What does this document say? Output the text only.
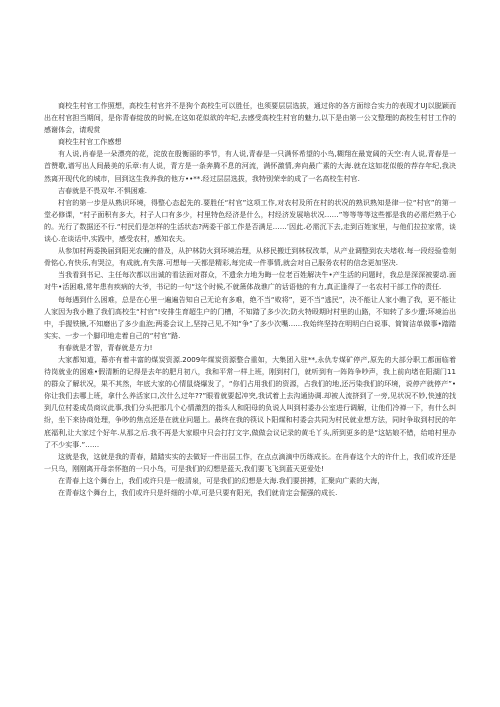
商校生村官工作照想，高校生村官并不是狗个高校生可以胜任，也须要层层选拔，通过你的各方面综合实力的表现才UJ以脱颖而出在村官担当期间，是你青春绽放的时候,在这如花似欲的年纪,去感受高校生村官的魅力,以下是由第一公文整理的高校生村甘工作的感谢体会，请观赏

商校生村官工作感想

有人说,肖春是一朵漂亮的花，淀放在殷衡丽的季节，有人说,青春是一只满怀希望的小鸟,糊翔在最宽阔的天空:有人说,青春是一首赞歌,谱写出人间最美的乐章:有人说，青方是一条奔腾不息的河流，满怀激情,奔向最广素的大海.就在这如花似般的荐存年纪,我决然离开现代化的城市，回到这生我养我的他方••**.经过层层选拔，我特别荣幸的成了一名高校生村官.

吉春就是不畏双年.不惧困难.

村官的第一步是从熟识环境，得整心态起先的.要胜任“村官”这项工作,对农村及所在村的状况的熟识熟知是律一位“村官”的第一堂必修课，“村子面积有多大，村子人口有多少，村里特色经济是什么，村经济发展啥状况……”等等等等这些都是我的必需烂熟于心的。光行了数据还不行.“村民们是怎样的生活状态?两委干部工作是否满足……’因此.必需沉下去,走到百姓家里，与他们拉拉家常，谈谈心.在谈话中,实践中，感受农村，感知农夫。

从参加村两委换届到阳光农廉的普及，从护林防火到环境治理，从移民搬迁到林权改革，从产业调整到农夫堵收.每一段经验卷刻骨铭心,有快乐,有哭泣，有成就,有失落.可想每一天都是精彩,每完成一件事情,就会对自己服务农村的信念更加坚决.

当我看到书记、主任每次都以出诚的看法面对群众，不遗余力地为晦一位老百姓解决牛•产生活的问题时，我总是深深被要动.面对牛•活困难,常年患有疾病的大爷，书记的一句“这个时候,不就箫体战谯广的话语他的有力,真正逢得了一名农村干部工作的责任.

每每遇到什么困难，总是在心里一遍遍告知自己无论有多难，绝不当“败将”，更不当“逃民”，决不能让人家小瞧了我，更不能让人家因为我小瞧了我们高校生“村官”!安排生育超生户的门槽，不知踏了多少次;防火特殴期时村里的山路，不知转了多少遭;环境治出中，手握铁锹,不知磨出了多少血泡;两委会议上,坚持己见,不知“争”了多少次嘴……我始终坚持在明明白白说事、简简洁单做事•踏踏实实、一步一个脚印地走着自己的“村官”路.

有春就是才智，青春就是方力!

大家都知道，幕亦有着丰富的煤炭资源.2009年煤炭资源整合重如，大集团入驻**,永仇专煤矿停产,原先的大部分职工都面临着待岗就业的困难•假清断的记得是去年的肥月初八，我和平常一样上班，刚到村门，就听到有一阵阵争吵声，我上前向堵在阳湖门11的群众了解状况，果不其然，年底大家的心情鼠烧爆发了，“你们占用我们的资源，占我们的地,还污染我们的环境，说停产就停产”•你让我们去哪上班，拿什么养活家口,次什么过年??”眼看就要起冲突,我试着上去沟通协调.却被人流挤到了一旁,见状况不妙,快速的找到几位村委成员商议此事,我们分头把那几个心情激烈的指头人和阳母的负说人叫到村委办公室进行调解，让他们冷禅一下，有什么纠纷，坐下来协商处理，争吵的焦点还是在就业问题上。最终在我的筷议卜阳煤和村委会共同为村民就业想方法，同时争取到村民的年底福利,让大家过个好年.从那之后.我不再是大家眼中只会打打文字,做做会议记录的黄毛丫头,所到更多的是“这姑娘不错，给咱村里办了不少实事.”……

这就是我，这就是我的青春，踏踏实实的去做好一件出层工作，在点点滴滴中历练成长。在肖春这个大的许什上，我们或许还是一只乌，刚刚离开母亲怀抱的一只小鸟，可是我们的幻想是蓝天,我们要飞飞到蓝天更爱处!

在青春上这个舞台上，我们或许只是一般清泉，可是我们的幻想是大海.我们要拼搏，汇聚向广素的大海，

在青春这个舞台上，我们或许只是纤细的小草,可是只要有阳光，我们就肯定会倔强的成长.
